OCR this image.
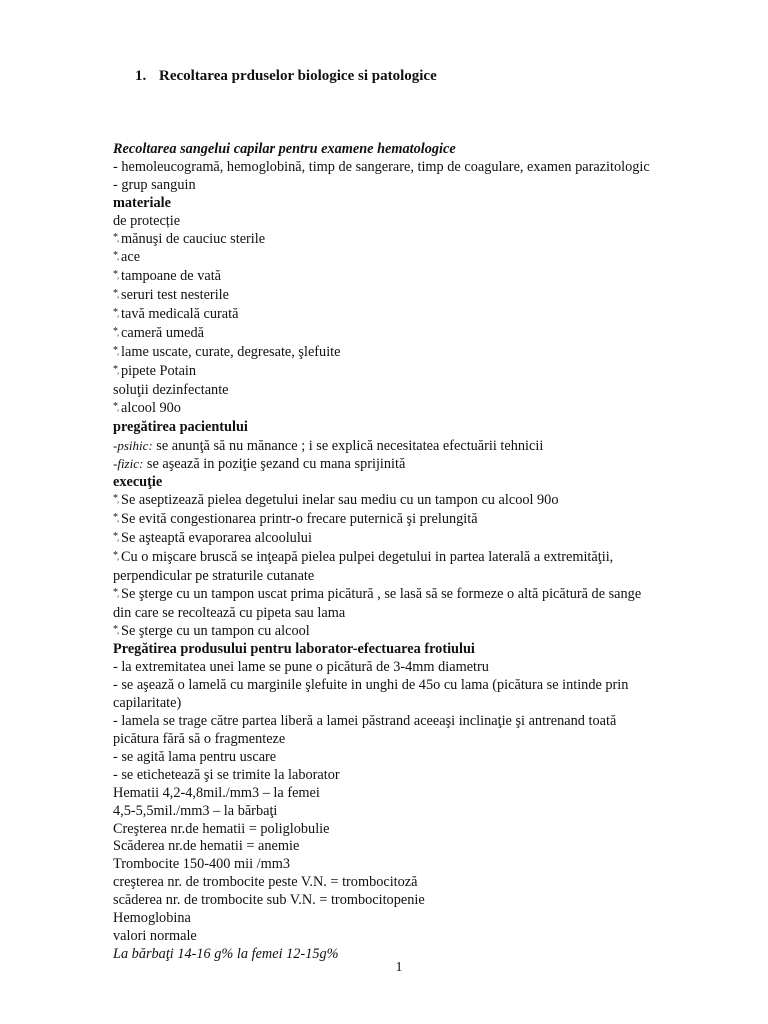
1. Recoltarea prduselor biologice si patologice
Recoltarea sangelui capilar pentru examene hematologice
- hemoleucogramă, hemoglobină, timp de sangerare, timp de coagulare, examen parazitologic
- grup sanguin
materiale
de protecție
*̦ mănuşi de cauciuc sterile
*̦ ace
*̦ tampoane de vată
*̦ seruri test nesterile
*̦ tavă medicală curată
*̦ cameră umedă
*̦ lame uscate, curate, degresate, şlefuite
*̦ pipete Potain
soluţii dezinfectante
*̦ alcool 90o
pregătirea pacientului
-psihic: se anunţă să nu mănance ; i se explică necesitatea efectuării tehnicii
-fizic: se aşează in poziţie şezand cu mana sprijinită
execuţie
*̦ Se aseptizează pielea degetului inelar sau mediu cu un tampon cu alcool 90o
*̦ Se evită congestionarea printr-o frecare puternică şi prelungită
*̦ Se aşteaptă evaporarea alcoolului
*̦ Cu o mişcare bruscă se inţeapă pielea pulpei degetului in partea laterală a extremităţii,
perpendicular pe straturile cutanate
*̦ Se şterge cu un tampon uscat prima picătură , se lasă să se formeze o altă picătură de sange
din care se recoltează cu pipeta sau lama
*̦ Se şterge cu un tampon cu alcool
Pregătirea produsului pentru laborator-efectuarea frotiului
- la extremitatea unei lame se pune o picătură de 3-4mm diametru
- se aşează o lamelă cu marginile şlefuite in unghi de 45o cu lama (picătura se intinde prin
capilaritate)
- lamela se trage către partea liberă a lamei păstrand aceeaşi inclinaţie şi antrenand toată
picătura fără să o fragmenteze
- se agită lama pentru uscare
- se etichetează şi se trimite la laborator
Hematii 4,2-4,8mil./mm3 – la femei
4,5-5,5mil./mm3 – la bărbaţi
Creşterea nr.de hematii = poliglobulie
Scăderea nr.de hematii = anemie
Trombocite 150-400 mii /mm3
creşterea nr. de trombocite peste V.N. = trombocitoză
scăderea nr. de trombocite sub V.N. = trombocitopenie
Hemoglobina
valori normale
La bărbaţi 14-16 g% la femei 12-15g%
1
